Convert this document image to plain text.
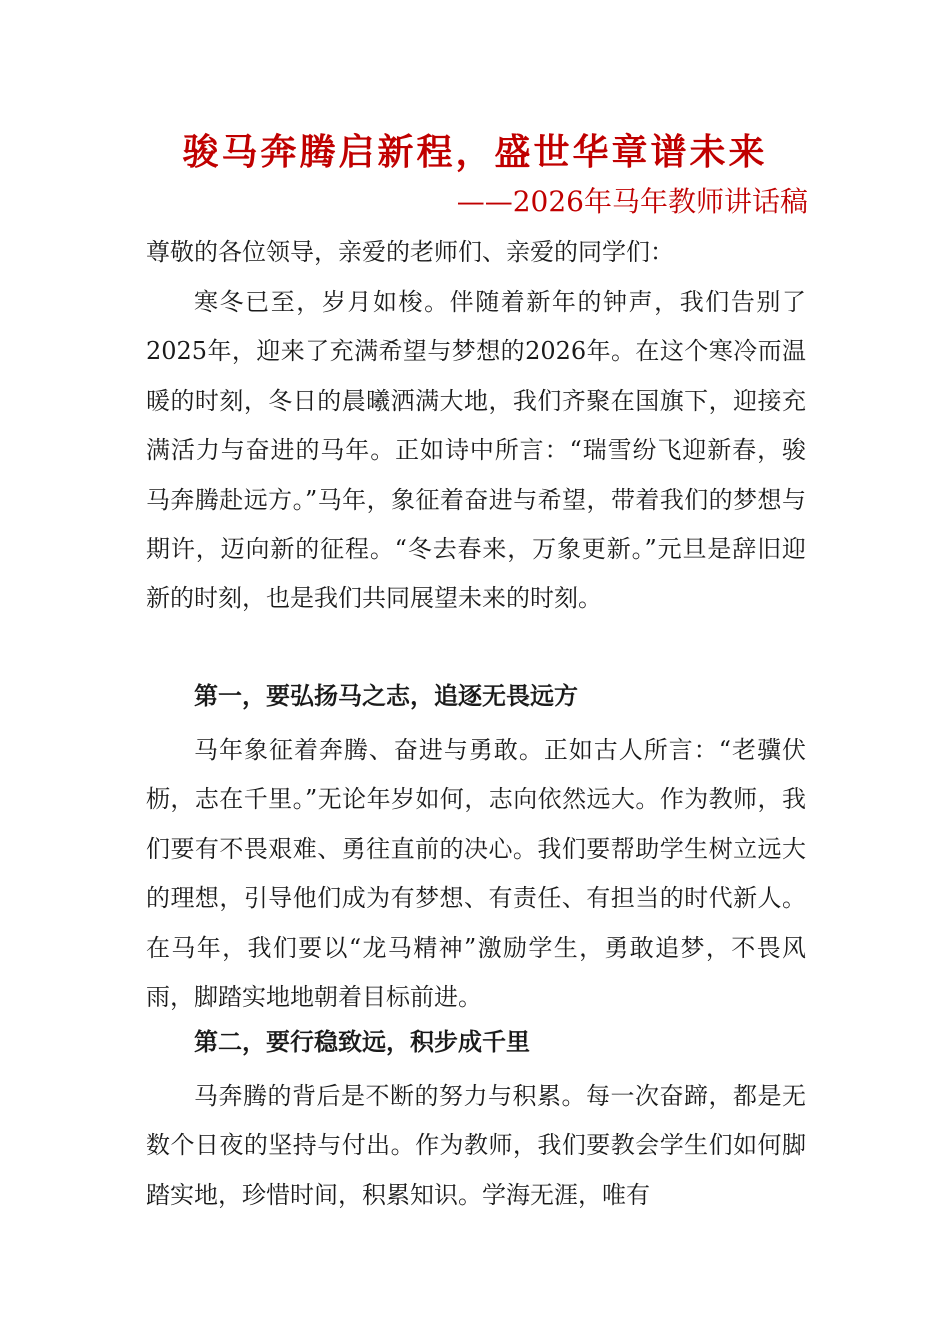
骏马奔腾启新程，盛世华章谱未来
——2026年马年教师讲话稿
尊敬的各位领导，亲爱的老师们、亲爱的同学们：
寒冬已至，岁月如梭。伴随着新年的钟声，我们告别了2025年，迎来了充满希望与梦想的2026年。在这个寒冷而温暖的时刻，冬日的晨曦洒满大地，我们齐聚在国旗下，迎接充满活力与奋进的马年。正如诗中所言：“瑞雪纷飞迎新春，骏马奔腾赴远方。”马年，象征着奋进与希望，带着我们的梦想与期许，迈向新的征程。“冬去春来，万象更新。”元旦是辞旧迎新的时刻，也是我们共同展望未来的时刻。
第一，要弘扬马之志，追逐无畏远方
马年象征着奔腾、奋进与勇敢。正如古人所言：“老骥伏枥，志在千里。”无论年岁如何，志向依然远大。作为教师，我们要有不畏艰难、勇往直前的决心。我们要帮助学生树立远大的理想，引导他们成为有梦想、有责任、有担当的时代新人。在马年，我们要以“龙马精神”激励学生，勇敢追梦，不畏风雨，脚踏实地地朝着目标前进。
第二，要行稳致远，积步成千里
马奔腾的背后是不断的努力与积累。每一次奋蹄，都是无数个日夜的坚持与付出。作为教师，我们要教会学生们如何脚踏实地，珍惜时间，积累知识。学海无涯，唯有
